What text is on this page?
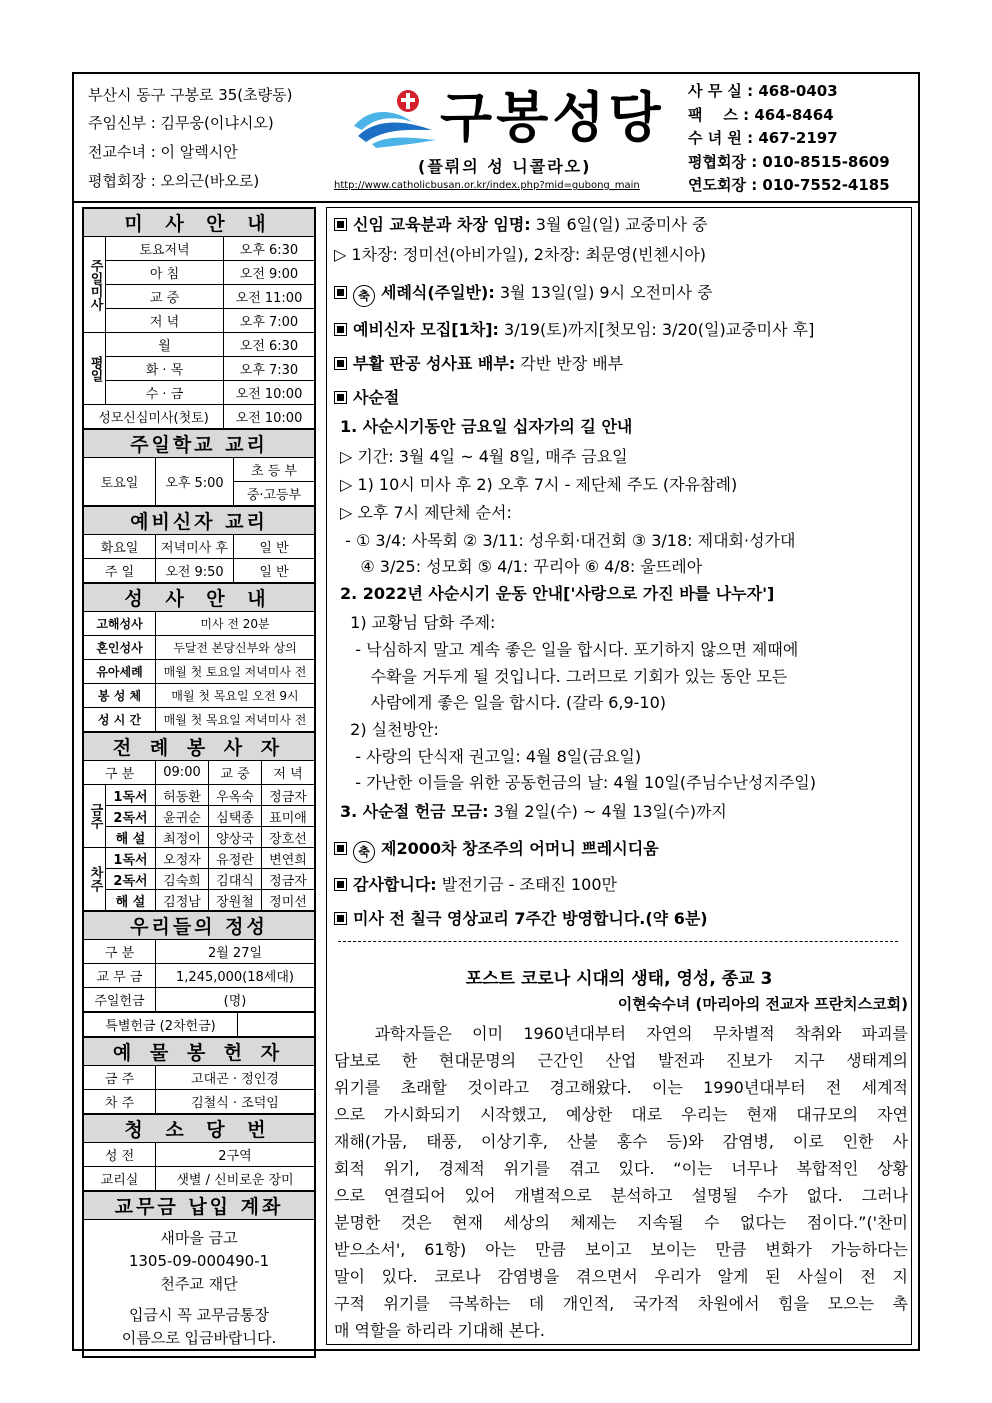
부산시 동구 구봉로 35(초량동)
주임신부 : 김무웅(이냐시오)
전교수녀 : 이 알렉시안
평협회장 : 오의근(바오로)
구봉성당
(플뤼의 성 니콜라오)
http://www.catholicbusan.or.kr/index.php?mid=gubong_main
사 무 실 : 468-0403
팩    스 : 464-8464
수 녀 원 : 467-2197
평협회장 : 010-8515-8609
연도회장 : 010-7552-4185
미 사 안 내		
주일미사	토요저녁	오후 6:30
	아 침	오전 9:00
	교 중	오전 11:00
	저 녁	오후 7:00
평일	월	오전 6:30
	화 · 목	오후 7:30
	수 · 금	오전 10:00
성모신심미사(첫토)		오전 10:00
주일학교 교리
토요일	오후 5:00	초 등 부
중·고등부
예비신자 교리		
화요일	저녁미사 후	일 반
주 일	오전 9:50	일 반
성 사 안 내	
고해성사	미사 전 20분
혼인성사	두달전 본당신부와 상의
유아세례	매월 첫 토요일 저녁미사 전
봉 성 체	매월 첫 목요일 오전 9시
성 시 간	매월 첫 목요일 저녁미사 전
전 례 봉 사 자				
구 분		09:00	교 중	저 녁
금주	1독서	허동환	우옥숙	정금자
	2독서	윤귀순	심택종	표미애
	해 설	최정이	양상국	장호선
차주	1독서	오정자	유정란	변연희
	2독서	김숙희	김대식	정금자
	해 설	김정남	장원철	정미선
우리들의 정성	
구 분	2월 27일
교 무 금	1,245,000(18세대)
주일헌금	(명)
특별헌금 (2차헌금)	
예 물 봉 헌 자	
금 주	고대곤 · 정인경
차 주	김철식 · 조덕임
청 소 당 번	
성 전	2구역
교리실	샛별 / 신비로운 장미
교무금 납입 계좌

새마을 금고
1305-09-000490-1
천주교 재단
입금시 꼭 교무금통장
이름으로 입금바랍니다.
신임 교육분과 차장 임명: 3월 6일(일) 교중미사 중
▷ 1차장: 정미선(아비가일), 2차장: 최문영(빈첸시아)
축 세례식(주일반): 3월 13일(일) 9시 오전미사 중
예비신자 모집[1차]: 3/19(토)까지[첫모임: 3/20(일)교중미사 후]
부활 판공 성사표 배부: 각반 반장 배부
사순절
1. 사순시기동안 금요일 십자가의 길 안내
▷ 기간: 3월 4일 ~ 4월 8일, 매주 금요일
▷ 1) 10시 미사 후 2) 오후 7시 - 제단체 주도 (자유참례)
▷ 오후 7시 제단체 순서:
- ① 3/4: 사목회 ② 3/11: 성우회·대건회 ③ 3/18: 제대회·성가대
④ 3/25: 성모회 ⑤ 4/1: 꾸리아 ⑥ 4/8: 울뜨레아
2. 2022년 사순시기 운동 안내['사랑으로 가진 바를 나누자']
1) 교황님 담화 주제:
- 낙심하지 말고 계속 좋은 일을 합시다. 포기하지 않으면 제때에
수확을 거두게 될 것입니다. 그러므로 기회가 있는 동안 모든
사람에게 좋은 일을 합시다. (갈라 6,9-10)
2) 실천방안:
- 사랑의 단식재 권고일: 4월 8일(금요일)
- 가난한 이들을 위한 공동헌금의 날: 4월 10일(주님수난성지주일)
3. 사순절 헌금 모금: 3월 2일(수) ~ 4월 13일(수)까지
축 제2000차 창조주의 어머니 쁘레시디움
감사합니다: 발전기금 - 조태진 100만
미사 전 칠극 영상교리 7주간 방영합니다.(약 6분)
포스트 코로나 시대의 생태, 영성, 종교 3
이현숙수녀 (마리아의 전교자 프란치스코회)
과학자들은 이미 1960년대부터 자연의 무차별적 착취와 파괴를
담보로 한 현대문명의 근간인 산업 발전과 진보가 지구 생태계의
위기를 초래할 것이라고 경고해왔다. 이는 1990년대부터 전 세계적
으로 가시화되기 시작했고, 예상한 대로 우리는 현재 대규모의 자연
재해(가뭄, 태풍, 이상기후, 산불 홍수 등)와 감염병, 이로 인한 사
회적 위기, 경제적 위기를 겪고 있다. “이는 너무나 복합적인 상황
으로 연결되어 있어 개별적으로 분석하고 설명될 수가 없다. 그러나
분명한 것은 현재 세상의 체제는 지속될 수 없다는 점이다.”('찬미
받으소서', 61항) 아는 만큼 보이고 보이는 만큼 변화가 가능하다는
말이 있다. 코로나 감염병을 겪으면서 우리가 알게 된 사실이 전 지
구적 위기를 극복하는 데 개인적, 국가적 차원에서 힘을 모으는 촉
매 역할을 하리라 기대해 본다.
